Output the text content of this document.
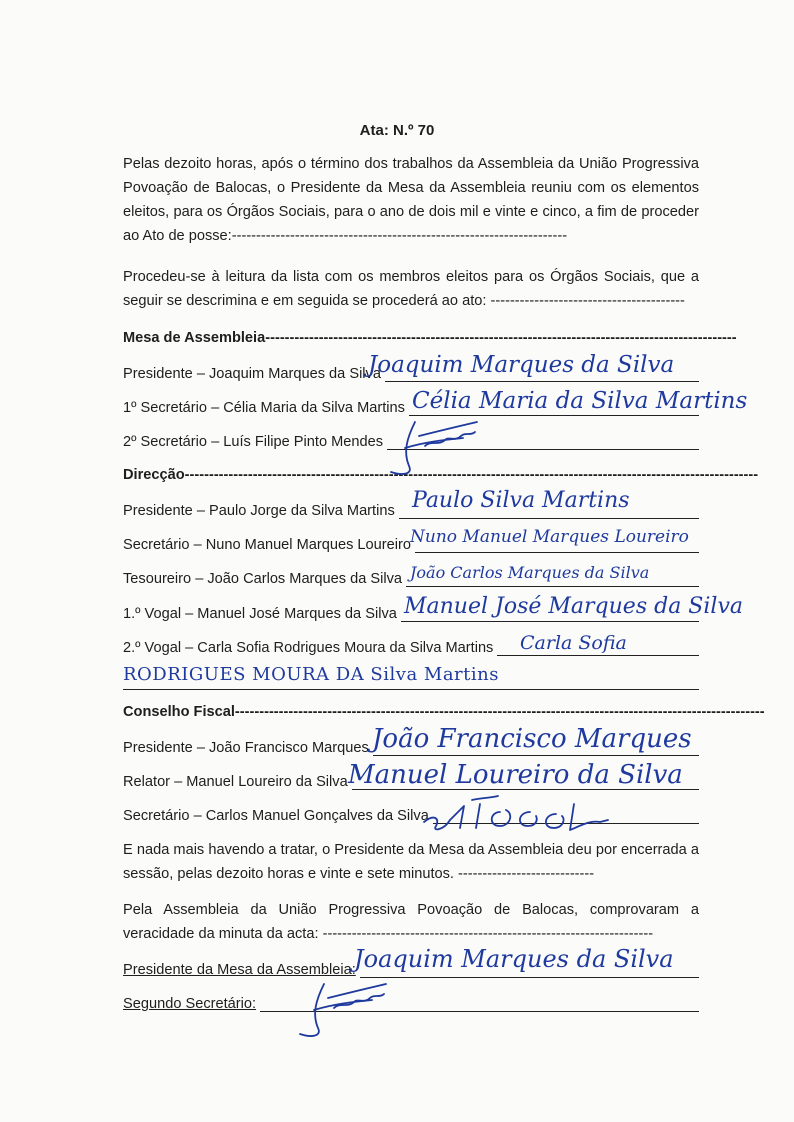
Ata: N.º 70

Pelas dezoito horas, após o término dos trabalhos da Assembleia da União Progressiva Povoação de Balocas, o Presidente da Mesa da Assembleia reuniu com os elementos eleitos, para os Órgãos Sociais, para o ano de dois mil e vinte e cinco, a fim de proceder ao Ato de posse:---------------------------------------------------------------------

Procedeu-se à leitura da lista com os membros eleitos para os Órgãos Sociais, que a seguir se descrimina e em seguida se procederá ao ato: ----------------------------------------

Mesa de Assembleia-------------------------------------------------------------------------------------------------
Presidente – Joaquim Marques da Silva
1º Secretário – Célia Maria da Silva Martins
2º Secretário – Luís Filipe Pinto Mendes
Direcção----------------------------------------------------------------------------------------------------------------------
Presidente – Paulo Jorge da Silva Martins
Secretário – Nuno Manuel Marques Loureiro
Tesoureiro – João Carlos Marques da Silva
1.º Vogal – Manuel José Marques da Silva
2.º Vogal – Carla Sofia Rodrigues Moura da Silva Martins
Conselho Fiscal-------------------------------------------------------------------------------------------------------------
Presidente – João Francisco Marques
Relator – Manuel Loureiro da Silva
Secretário – Carlos Manuel Gonçalves da Silva

E nada mais havendo a tratar, o Presidente da Mesa da Assembleia deu por encerrada a sessão, pelas dezoito horas e vinte e sete minutos. ----------------------------

Pela Assembleia da União Progressiva Povoação de Balocas, comprovaram a veracidade da minuta da acta: --------------------------------------------------------------------

Presidente da Mesa da Assembleia:
Segundo Secretário:
Joaquim Marques da Silva
Célia Maria da Silva Martins
Paulo Silva Martins
Nuno Manuel Marques Loureiro
João Carlos Marques da Silva
Manuel José Marques da Silva
Carla Sofia
RODRIGUES MOURA DA Silva Martins
João Francisco Marques
Manuel Loureiro da Silva
Joaquim Marques da Silva
